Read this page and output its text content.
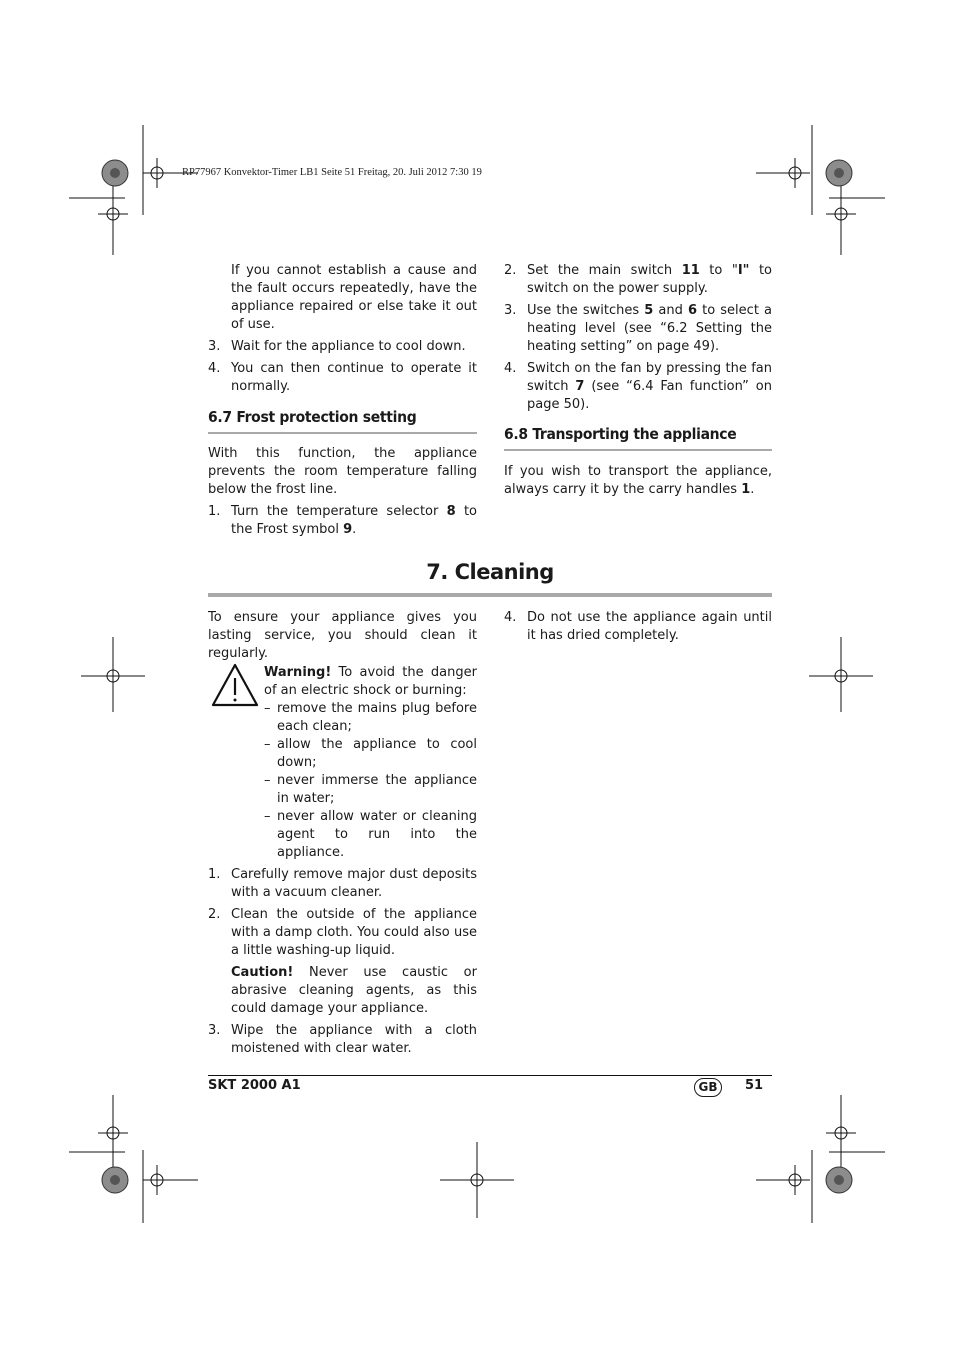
RP77967 Konvektor-Timer LB1 Seite 51 Freitag, 20. Juli 2012 7:30 19

If you cannot establish a cause and the fault occurs repeatedly, have the appliance repaired or else take it out of use.

3. Wait for the appliance to cool down.

4. You can then continue to operate it normally.

6.7 Frost protection setting

With this function, the appliance prevents the room temperature falling below the frost line.

1. Turn the temperature selector 8 to the Frost symbol 9.

2. Set the main switch 11 to "I" to switch on the power supply.

3. Use the switches 5 and 6 to select a heating level (see “6.2 Setting the heating setting” on page 49).

4. Switch on the fan by pressing the fan switch 7 (see “6.4 Fan function” on page 50).

6.8 Transporting the appliance

If you wish to transport the appliance, always carry it by the carry handles 1.

7. Cleaning

To ensure your appliance gives you lasting service, you should clean it regularly.

Warning! To avoid the danger of an electric shock or burning:

– remove the mains plug before each clean;

– allow the appliance to cool down;

– never immerse the appliance in water;

– never allow water or cleaning agent to run into the appliance.

1. Carefully remove major dust deposits with a vacuum cleaner.

2. Clean the outside of the appliance with a damp cloth. You could also use a little washing-up liquid.

Caution! Never use caustic or abrasive cleaning agents, as this could damage your appliance.

3. Wipe the appliance with a cloth moistened with clear water.

4. Do not use the appliance again until it has dried completely.

SKT 2000 A1	GB	51
